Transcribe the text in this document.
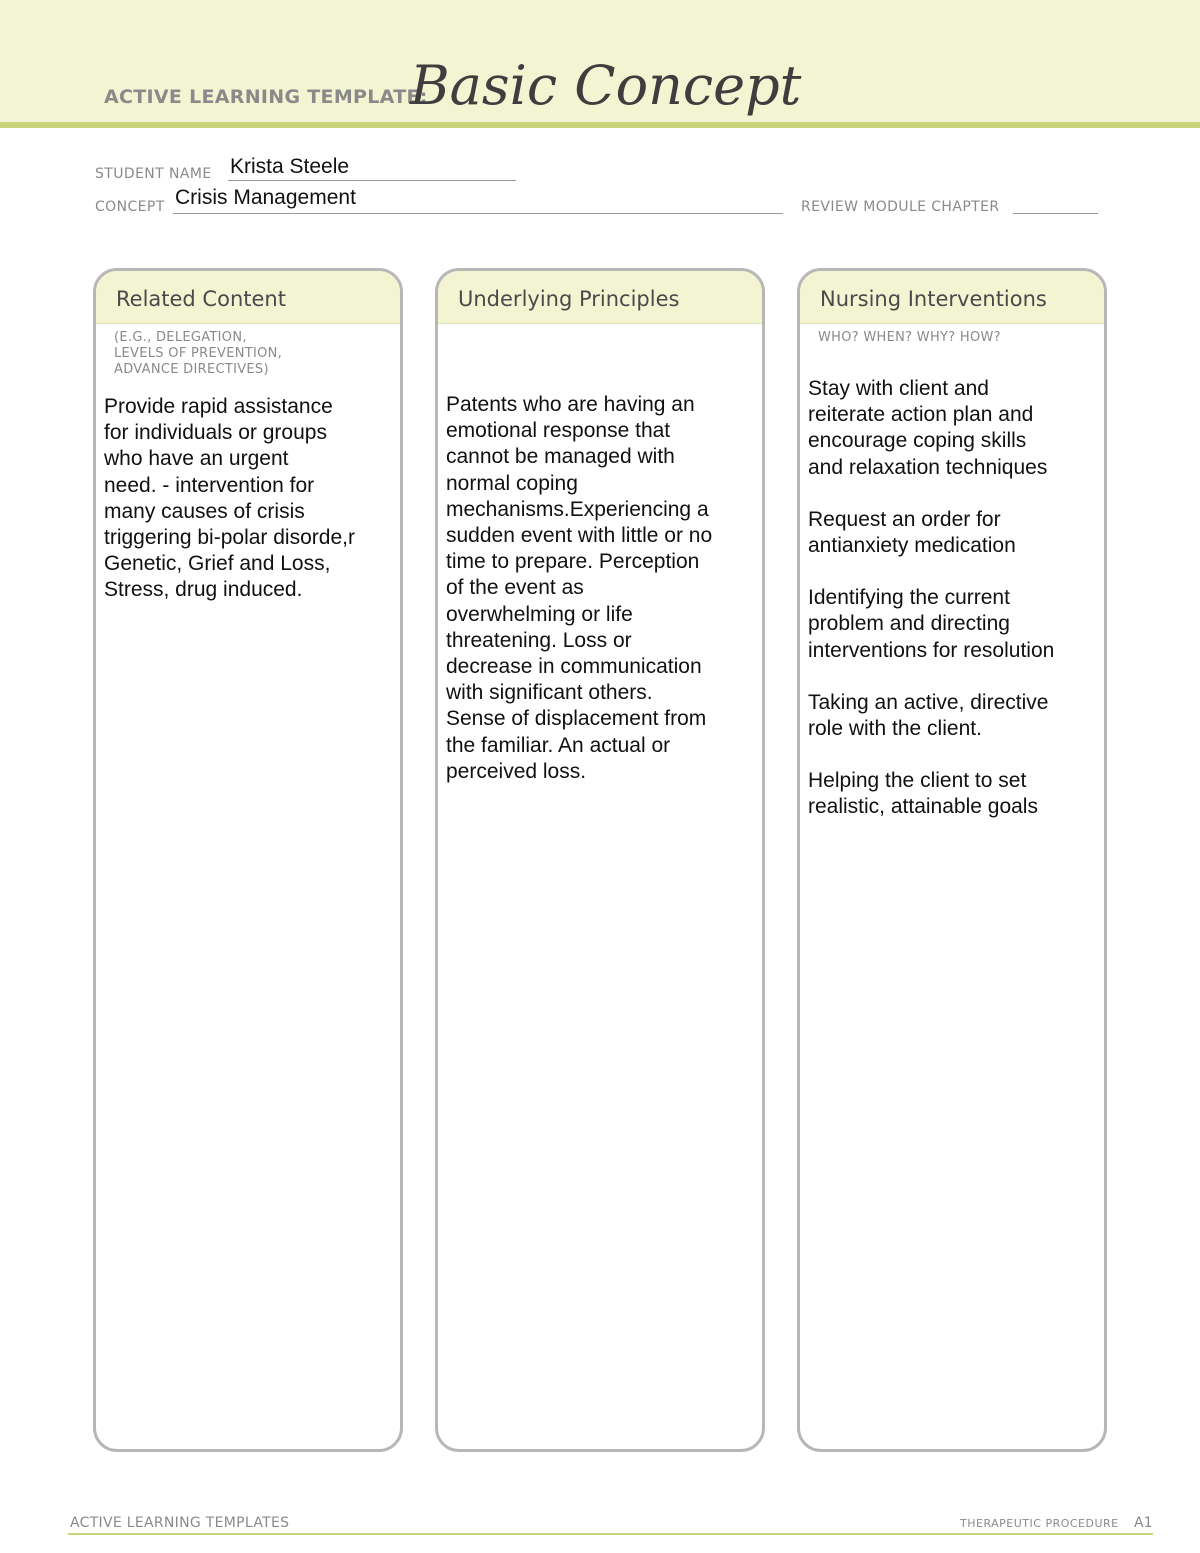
ACTIVE LEARNING TEMPLATE:
Basic Concept
STUDENT NAME Krista Steele
CONCEPT Crisis Management	REVIEW MODULE CHAPTER
Related Content
(E.G., DELEGATION,
LEVELS OF PREVENTION,
ADVANCE DIRECTIVES)
Provide rapid assistance
for individuals or groups
who have an urgent
need. - intervention for
many causes of crisis
triggering bi-polar disorde,r
Genetic, Grief and Loss,
Stress, drug induced.
Underlying Principles
Patents who are having an
emotional response that
cannot be managed with
normal coping
mechanisms.Experiencing a
sudden event with little or no
time to prepare. Perception
of the event as
overwhelming or life
threatening. Loss or
decrease in communication
with significant others.
Sense of displacement from
the familiar. An actual or
perceived loss.
Nursing Interventions
WHO? WHEN? WHY? HOW?

Stay with client and
reiterate action plan and
encourage coping skills
and relaxation techniques

Request an order for
antianxiety medication

Identifying the current
problem and directing
interventions for resolution

Taking an active, directive
role with the client.

Helping the client to set
realistic, attainable goals

ACTIVE LEARNING TEMPLATES	THERAPEUTIC PROCEDURE A1
